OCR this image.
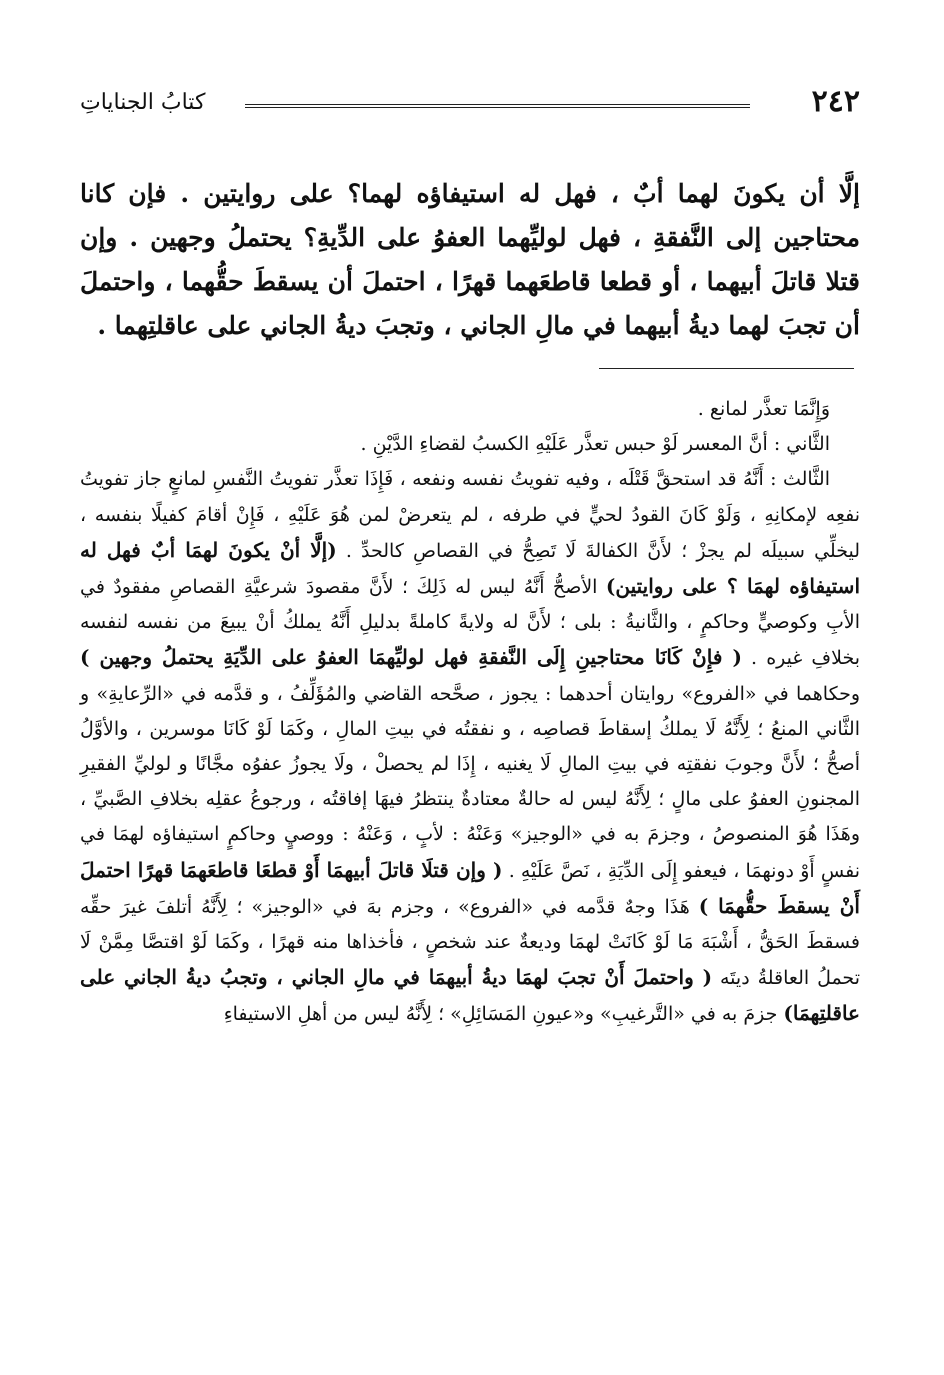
٢٤٢
كتابُ الجناياتِ
إلَّا أن يكونَ لهما أبٌ ، فهل له استيفاؤه لهما؟ على روايتين . فإن كانا محتاجين إلى النَّفقةِ ، فهل لوليِّهما العفوُ على الدِّيةِ؟ يحتملُ وجهين . وإن قتلا قاتلَ أبيهما ، أو قطعا قاطعَهما قهرًا ، احتملَ أن يسقطَ حقُّهما ، واحتملَ أن تجبَ لهما ديةُ أبيهما في مالِ الجاني ، وتجبَ ديةُ الجاني على عاقلتِهما .

وَإِنَّمَا تعذَّر لمانع .

الثَّاني : أنَّ المعسر لَوْ حبس تعذَّر عَلَيْهِ الكسبُ لقضاءِ الدَّيْنِ .

الثَّالث : أَنَّهُ قد استحقَّ قَتْلَه ، وفيه تفويتُ نفسه ونفعه ، فَإِذَا تعذَّر تفويتُ النَّفسِ لمانعٍ جاز تفويتُ نفعِه لإمكانِهِ ، وَلَوْ كَانَ القودُ لحيٍّ في طرفه ، لم يتعرضْ لمن هُوَ عَلَيْهِ ، فَإِنْ أقامَ كفيلًا بنفسه ، ليخلِّي سبيلَه لم يجزْ ؛ لأَنَّ الكفالةَ لَا تَصِحُّ في القصاصِ كالحدِّ . (إلَّا أنْ يكونَ لهمَا أبٌ فهل له استيفاؤه لهمَا ؟ على روايتين) الأصحُّ أَنَّهُ ليس له ذَلِكَ ؛ لأَنَّ مقصودَ شرعيَّةِ القصاصِ مفقودٌ في الأبِ وكوصيٍّ وحاكمٍ ، والثَّانيةُ : بلى ؛ لأَنَّ له ولايةً كاملةً بدليلِ أَنَّهُ يملكُ أنْ يبيعَ من نفسه لنفسه بخلافِ غيره . ( فإِنْ كَانَا محتاجينِ إِلَى النَّفقةِ فهل لوليِّهمَا العفوُ على الدِّيَةِ يحتملُ وجهين ) وحكاهما في «الفروع» روايتان أحدهما : يجوز ، صحَّحه القاضي والمُؤَلِّفُ ، و قدَّمه في «الرِّعايةِ» و الثَّاني المنعُ ؛ لِأَنَّهُ لَا يملكُ إسقاطَ قصاصِه ، و نفقتُه في بيتِ المالِ ، وكَمَا لَوْ كَانَا موسرين ، والأوَّلُ أصحُّ ؛ لأَنَّ وجوبَ نفقتِه في بيتِ المالِ لَا يغنيه ، إِذَا لم يحصلْ ، ولَا يجوزُ عفوُه مجَّانًا و لوليِّ الفقيرِ المجنونِ العفوُ على مالٍ ؛ لِأَنَّهُ ليس له حالةٌ معتادةٌ ينتظرُ فيهَا إفاقتُه ، ورجوعُ عقلِه بخلافِ الصَّبيِّ ، وهَذَا هُوَ المنصوصُ ، وجزمَ به في «الوجيز» وَعَنْهُ : لأبٍ ، وَعَنْهُ : ووصيٍ وحاكمٍ استيفاؤه لهمَا في نفسٍ أَوْ دونهمَا ، فيعفو إِلَى الدِّيَةِ ، نَصَّ عَلَيْهِ . ( وإن قتلَا قاتلَ أبيهمَا أَوْ قطعَا قاطعَهمَا قهرًا احتملَ أَنْ يسقطَ حقُّهمَا ) هَذَا وجهٌ قدَّمه في «الفروع» ، وجزم بهَ في «الوجيز» ؛ لِأَنَّهُ أتلفَ غيرَ حقِّه فسقطَ الحَقُّ ، أَشْبَهَ مَا لَوْ كَانَتْ لهمَا وديعةٌ عند شخصٍ ، فأخذاها منه قهرًا ، وكَمَا لَوْ اقتصَّا مِمَّنْ لَا تحملُ العاقلةُ ديتَه ( واحتملَ أَنْ تجبَ لهمَا ديةُ أبيهمَا في مالِ الجاني ، وتجبُ ديةُ الجاني على عاقلتِهمَا) جزمَ به في «التَّرغيبِ» و«عيونِ المَسَائِلِ» ؛ لِأَنَّهُ ليس من أهلِ الاستيفاءِ
